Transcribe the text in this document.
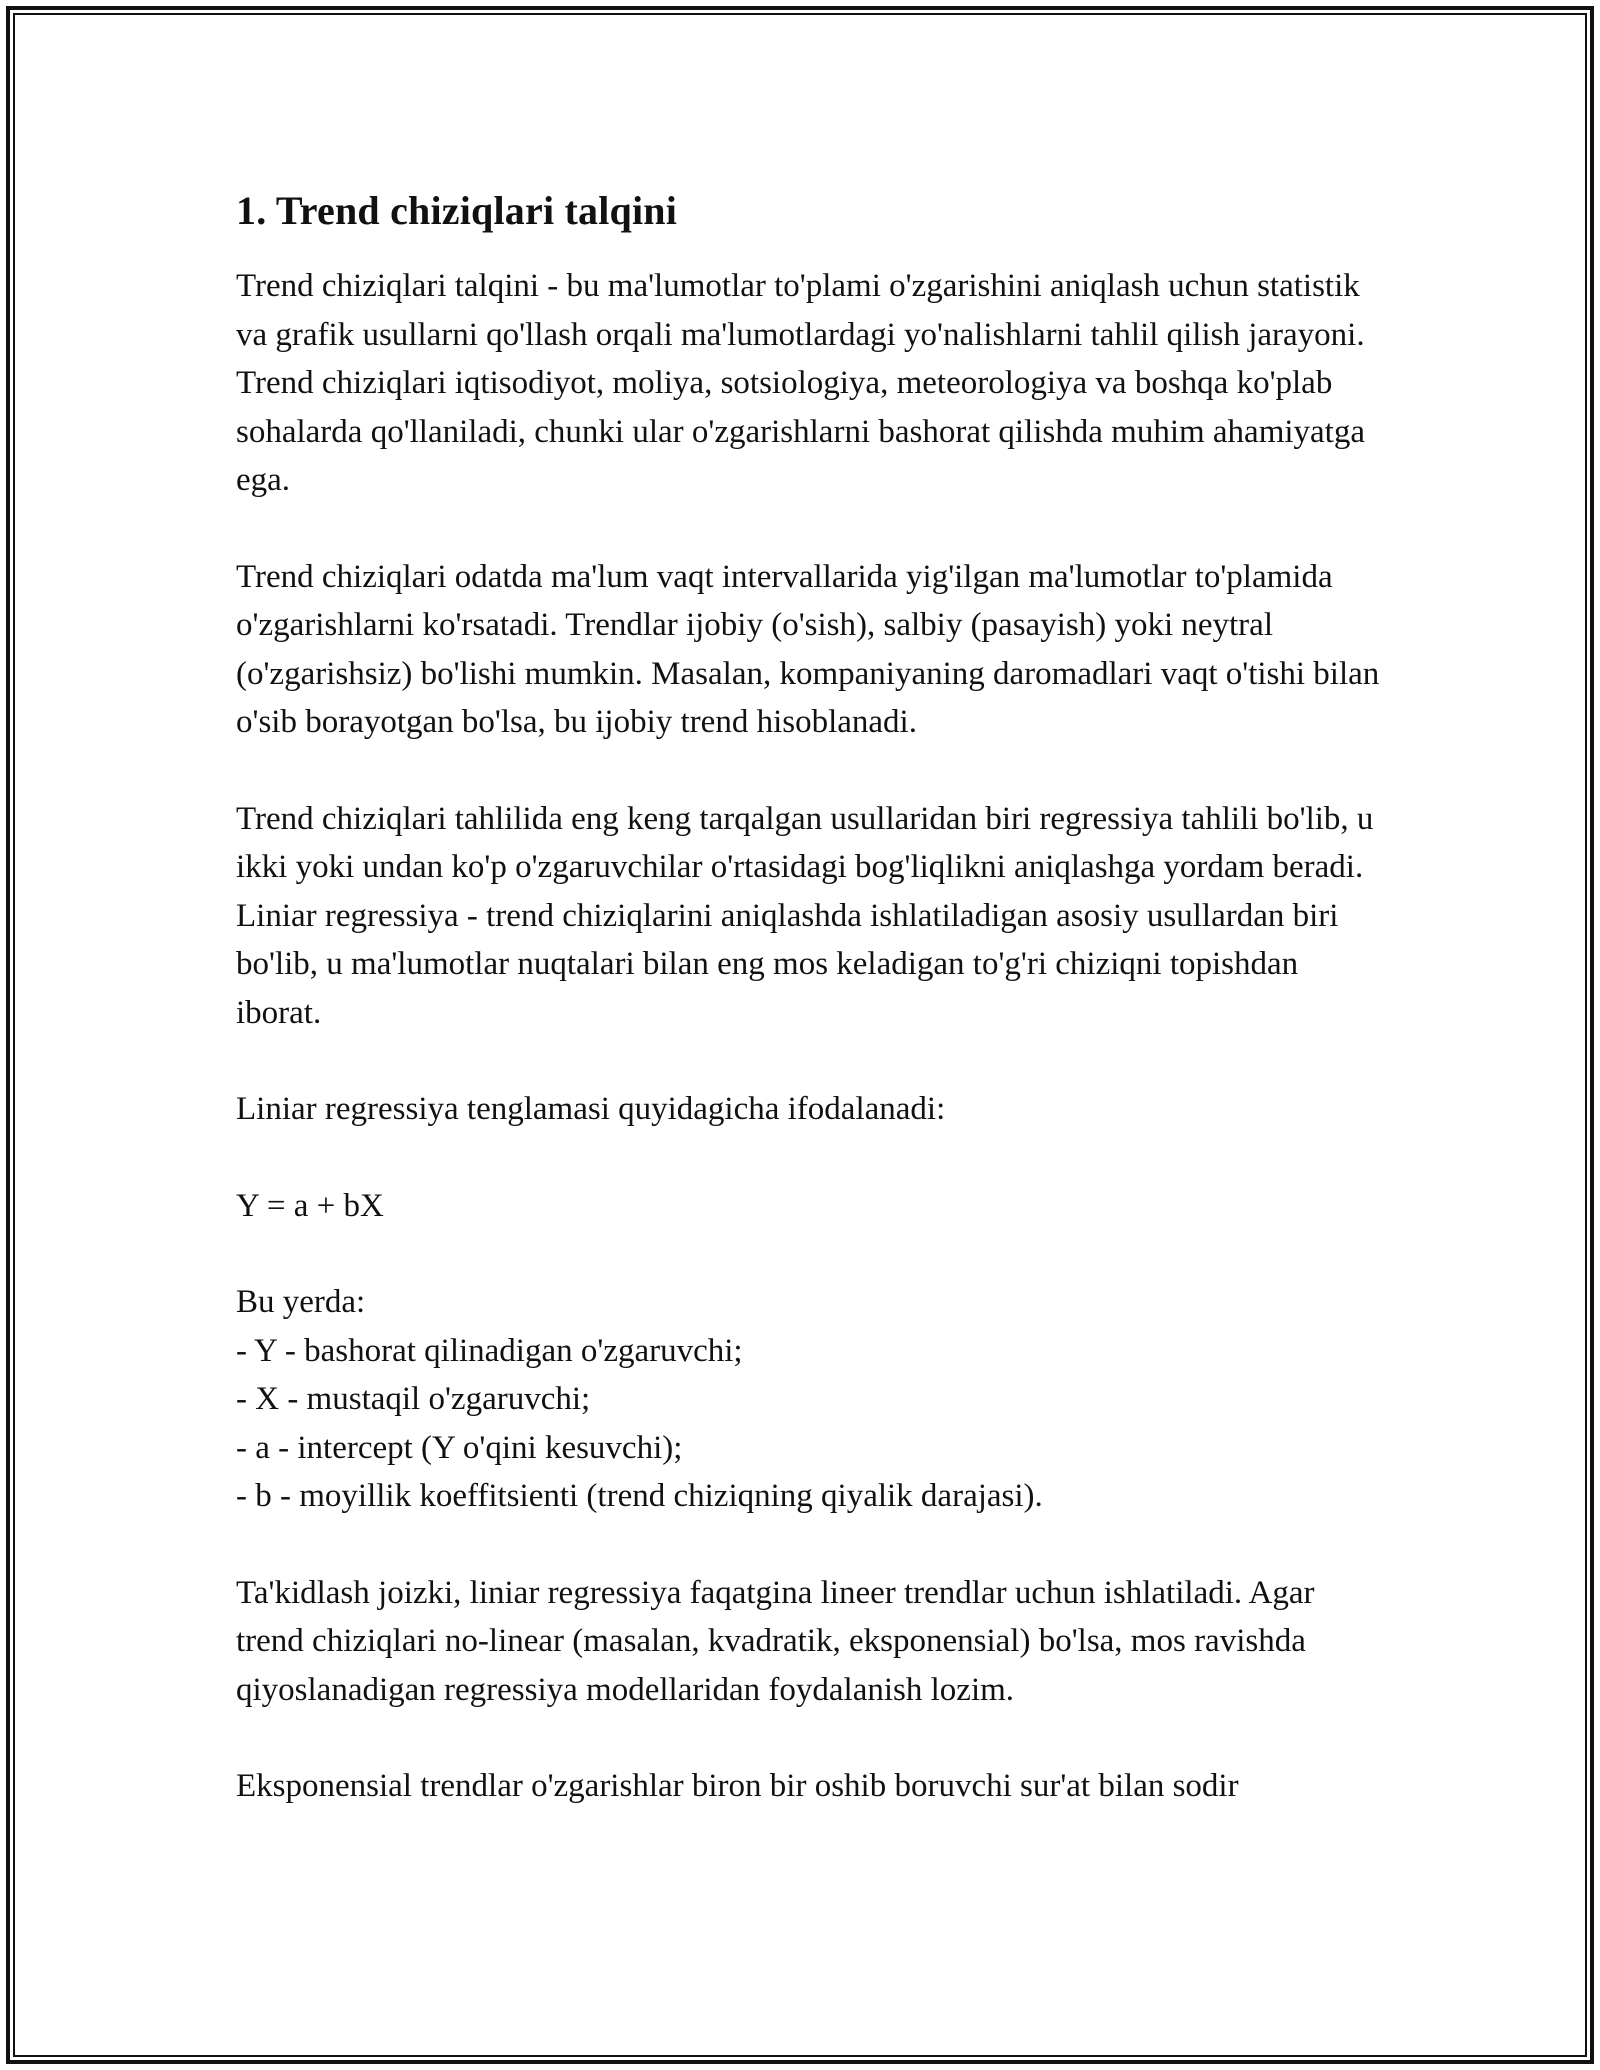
1. Trend chiziqlari talqini

Trend chiziqlari talqini - bu ma'lumotlar to'plami o'zgarishini aniqlash uchun statistik va grafik usullarni qo'llash orqali ma'lumotlardagi yo'nalishlarni tahlil qilish jarayoni. Trend chiziqlari iqtisodiyot, moliya, sotsiologiya, meteorologiya va boshqa ko'plab sohalarda qo'llaniladi, chunki ular o'zgarishlarni bashorat qilishda muhim ahamiyatga ega.

Trend chiziqlari odatda ma'lum vaqt intervallarida yig'ilgan ma'lumotlar to'plamida o'zgarishlarni ko'rsatadi. Trendlar ijobiy (o'sish), salbiy (pasayish) yoki neytral (o'zgarishsiz) bo'lishi mumkin. Masalan, kompaniyaning daromadlari vaqt o'tishi bilan o'sib borayotgan bo'lsa, bu ijobiy trend hisoblanadi.

Trend chiziqlari tahlilida eng keng tarqalgan usullaridan biri regressiya tahlili bo'lib, u ikki yoki undan ko'p o'zgaruvchilar o'rtasidagi bog'liqlikni aniqlashga yordam beradi. Liniar regressiya - trend chiziqlarini aniqlashda ishlatiladigan asosiy usullardan biri bo'lib, u ma'lumotlar nuqtalari bilan eng mos keladigan to'g'ri chiziqni topishdan iborat.

Liniar regressiya tenglamasi quyidagicha ifodalanadi:

Y = a + bX

Bu yerda:

- Y - bashorat qilinadigan o'zgaruvchi;
- X - mustaqil o'zgaruvchi;
- a - intercept (Y o'qini kesuvchi);
- b - moyillik koeffitsienti (trend chiziqning qiyalik darajasi).

Ta'kidlash joizki, liniar regressiya faqatgina lineer trendlar uchun ishlatiladi. Agar trend chiziqlari no-linear (masalan, kvadratik, eksponensial) bo'lsa, mos ravishda qiyoslanadigan regressiya modellaridan foydalanish lozim.

Eksponensial trendlar o'zgarishlar biron bir oshib boruvchi sur'at bilan sodir
